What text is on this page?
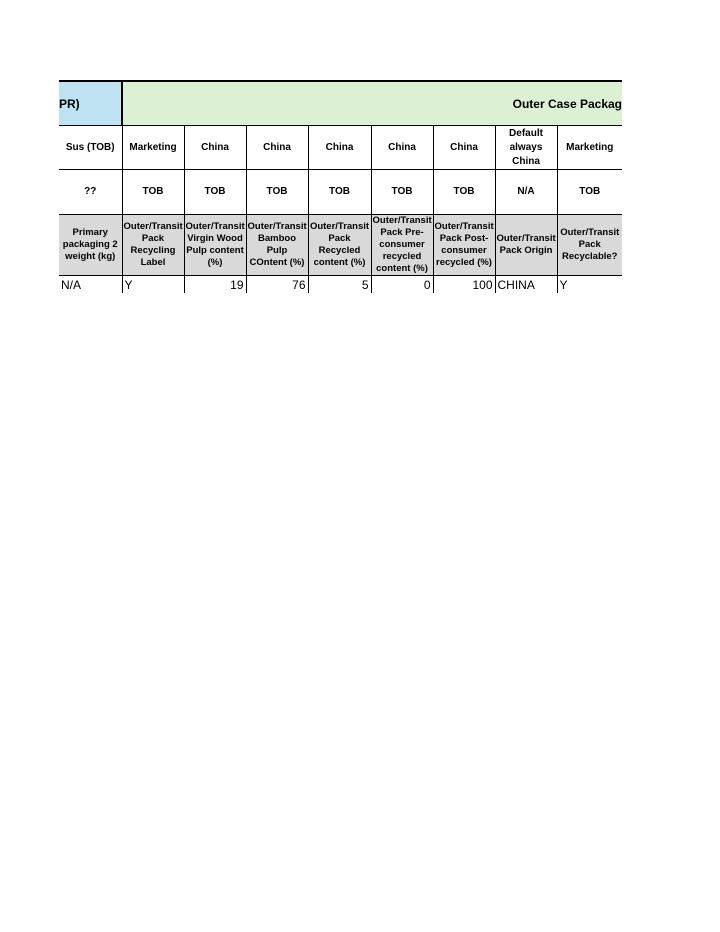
PR)	Outer Case Packag							
Sus (TOB)	Marketing	China	China	China	China	China	Default always China	Marketing
??	TOB	TOB	TOB	TOB	TOB	TOB	N/A	TOB
Primary packaging 2 weight (kg)	Outer/Transit Pack Recycling Label	Outer/Transit Virgin Wood Pulp content (%)	Outer/Transit Bamboo Pulp COntent (%)	Outer/Transit Pack Recycled content (%)	Outer/Transit Pack Pre-consumer recycled content (%)	Outer/Transit Pack Post-consumer recycled (%)	Outer/Transit Pack Origin	Outer/Transit Pack Recyclable?
N/A	Y	19	76	5	0	100	CHINA	Y
